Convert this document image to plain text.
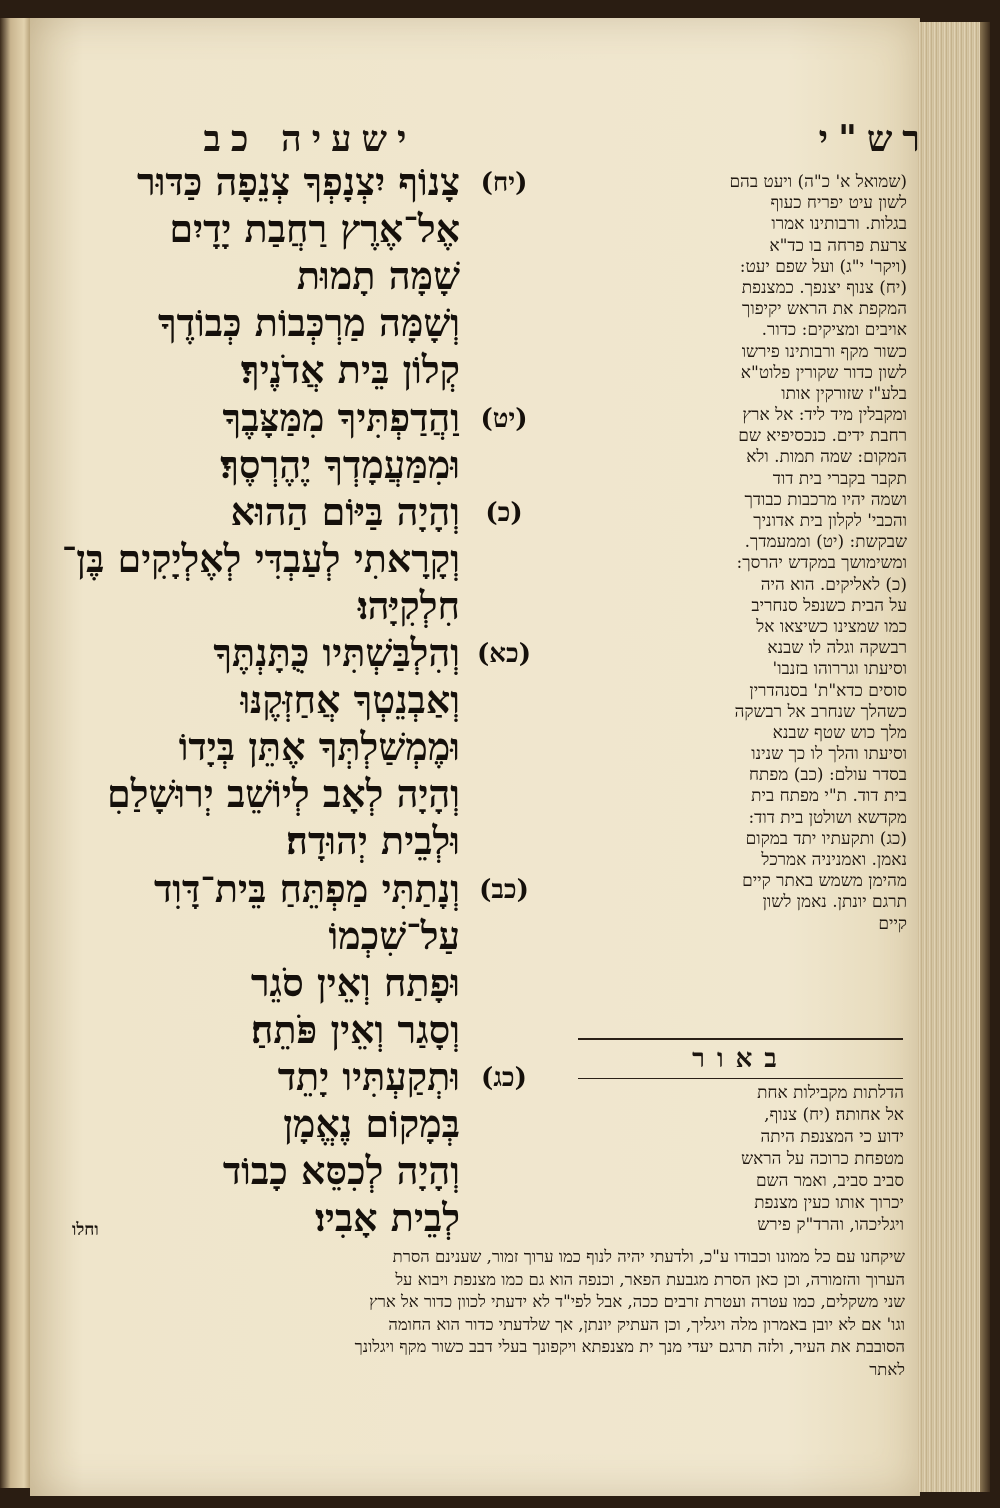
רש"י
ישעיה כב
צָנוֹף יִצְנָפְךָ צְנֵפָה כַּדּוּר (יח)
אֶל־אֶרֶץ רַחֲבַת יָדָיִם
שָׁמָּה תָמוּת
וְשָׁמָּה מַרְכְּבוֹת כְּבוֹדֶךָ
קְלוֹן בֵּית אֲדֹנֶיךָ׃
וַהֲדַפְתִּיךָ מִמַּצָּבֶךָ (יט)
וּמִמַּעֲמָדְךָ יֶהֶרְסֶךָ׃
וְהָיָה בַּיּוֹם הַהוּא (כ)
וְקָרָאתִי לְעַבְדִּי לְאֶלְיָקִים בֶּן־
חִלְקִיָּהוּ׃
וְהִלְבַּשְׁתִּיו כֻּתָּנְתֶּךָ (כא)
וְאַבְנֵטְךָ אֲחַזְּקֶנּוּ
וּמֶמְשַׁלְתְּךָ אֶתֵּן בְּיָדוֹ
וְהָיָה לְאָב לְיוֹשֵׁב יְרוּשָׁלַםִ
וּלְבֵית יְהוּדָה׃
וְנָתַתִּי מַפְתֵּחַ בֵּית־דָּוִד (כב)
עַל־שִׁכְמוֹ
וּפָתַח וְאֵין סֹגֵר
וְסָגַר וְאֵין פֹּתֵחַ׃
וּתְקַעְתִּיו יָתֵד (כג)
בְּמָקוֹם נֶאֱמָן
וְהָיָה לְכִסֵּא כָבוֹד
לְבֵית אָבִיו׃
(שמואל א' כ"ה) ויעט בהם
לשון עיט יפריח כעוף
בגלות. ורבותינו אמרו
צרעת פרחה בו כד"א
(ויקר' י"ג) ועל שפם יעט:
(יח) צנוף יצנפך. כמצנפת
המקפת את הראש יקיפוך
אויבים ומציקים: כדור.
כשור מקף ורבותינו פירשו
לשון כדור שקורין פלוט"א
בלע"ז שזורקין אותו
ומקבלין מיד ליד: אל ארץ
רחבת ידים. כנכסיפיא שם
המקום: שמה תמות. ולא
תקבר בקברי בית דוד
ושמה יהיו מרכבות כבודך
והכבי' לקלון בית אדוניך
שבקשת: (יט) וממעמדך.
ומשימושך במקדש יהרסך:
(כ) לאליקים. הוא היה
על הבית כשנפל סנחריב
כמו שמצינו כשיצאו אל
רבשקה וגלה לו שבנא
וסיעתו וגררוהו בזנבו'
סוסים כדא"ת' בסנהדרין
כשהלך שנחרב אל רבשקה
מלך כוש שטף שבנא
וסיעתו והלך לו כך שנינו
בסדר עולם: (כב) מפתח
בית דוד. ת"י מפתח בית
מקדשא ושולטן בית דוד:
(כג) ותקעתיו יתד במקום
נאמן. ואמניניה אמרכל
מהימן משמש באתר קיים
תרגם יונתן. נאמן לשון
קיים
באור
הדלתות מקבילות אחת
אל אחותה׃ (יח) צנוף,
ידוע כי המצנפת היתה
מטפחת כרוכה על הראש
סביב סביב, ואמר השם
יכרוך אותו כעין מצנפת
ויגליכהו, והרד"ק פירש
וחלו
שיקחנו עם כל ממונו וכבודו ע"כ, ולדעתי יהיה לנוף כמו ערוך זמור, שענינם הסרת
הערוך והזמורה, וכן כאן הסרת מגבעת הפאר, וכנפה הוא גם כמו מצנפת ויבוא על
שני משקלים, כמו עטרה ועטרת זרבים ככה, אבל לפי"ד לא ידעתי לכוון כדור אל ארץ
וגו' אם לא יובן באמרון מלה ויגליך, וכן העתיק יונתן, אך שלדעתי כדור הוא החומה
הסובבת את העיר, ולזה תרגם יעדי מנך ית מצנפתא ויקפונך בעלי דבב כשור מקף ויגלונך
לאתר
